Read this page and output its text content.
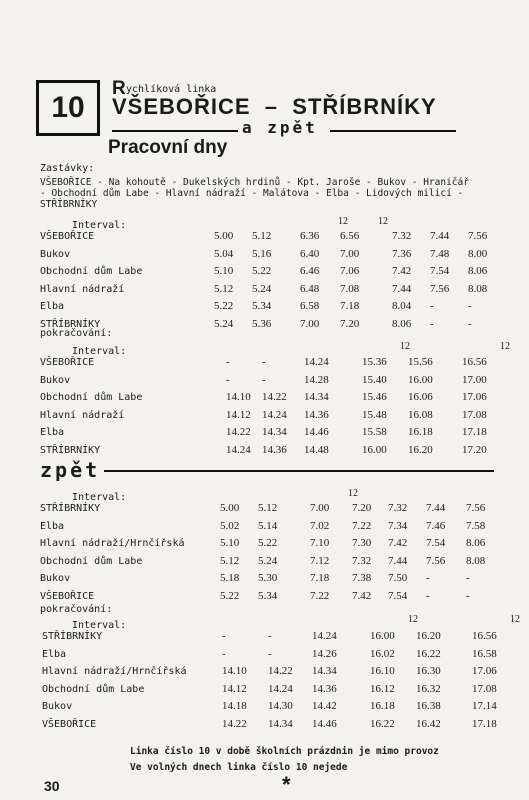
10
R ychlíková linka
VŠEBOŘICE  –  STŘÍBRNÍKY
a zpět
Pracovní dny
Zastávky:
VŠEBOŘICE - Na kohoutě - Dukelských hrdinů - Kpt. Jaroše - Bukov - Hraničář
- Obchodní dům Labe - Hlavní nádraží - Malátova - Elba - Lidových milicí -
STŘÍBRNÍKY
Interval:	12	12
VŠEBOŘICE	5.00 5.12	6.36 6.56	7.32 7.44 7.56
Bukov	5.04 5.16	6.40 7.00	7.36 7.48 8.00
Obchodní dům Labe	5.10 5.22	6.46 7.06	7.42 7.54 8.06
Hlavní nádraží	5.12 5.24	6.48 7.08	7.44 7.56 8.08
Elba	5.22 5.34	6.58 7.18	8.04 -	-
STŘÍBRNÍKY	5.24 5.36	7.00 7.20	8.06 -	-
pokračování:
Interval:	12	12
VŠEBOŘICE	-	-	14.24	15.36 15.56	16.56
Bukov	-	-	14.28	15.40 16.00	17.00
Obchodní dům Labe	14.10 14.22 14.34	15.46 16.06	17.06
Hlavní nádraží	14.12 14.24 14.36	15.48 16.08	17.08
Elba	14.22 14.34 14.46	15.58 16.18	17.18
STŘÍBRNÍKY	14.24 14.36 14.48	16.00 16.20	17.20
zpět
Interval:	12
STŘÍBRNÍKY	5.00 5.12	7.00 7.20 7.32 7.44 7.56
Elba	5.02 5.14	7.02 7.22 7.34 7.46 7.58
Hlavní nádraží/Hrnčířská	5.10 5.22	7.10 7.30 7.42 7.54 8.06
Obchodní dům Labe	5.12 5.24	7.12 7.32 7.44 7.56 8.08
Bukov	5.18 5.30	7.18 7.38 7.50 -	-
VŠEBOŘICE	5.22 5.34	7.22 7.42 7.54 -	-
pokračování:
Interval:
12	12
STŘÍBRNÍKY	-	-	14.24	16.00 16.20	16.56
Elba	-	-	14.26	16.02 16.22	16.58
Hlavní nádraží/Hrnčířská	14.10 14.22 14.34	16.10 16.30	17.06
Obchodní dům Labe	14.12 14.24 14.36	16.12 16.32	17.08
Bukov	14.18 14.30 14.42	16.18 16.38	17.14
VŠEBOŘICE	14.22 14.34 14.46	16.22 16.42	17.18
Linka číslo 10 v době školních prázdnin je mimo provoz
Ve volných dnech linka číslo 10 nejede
30	*
